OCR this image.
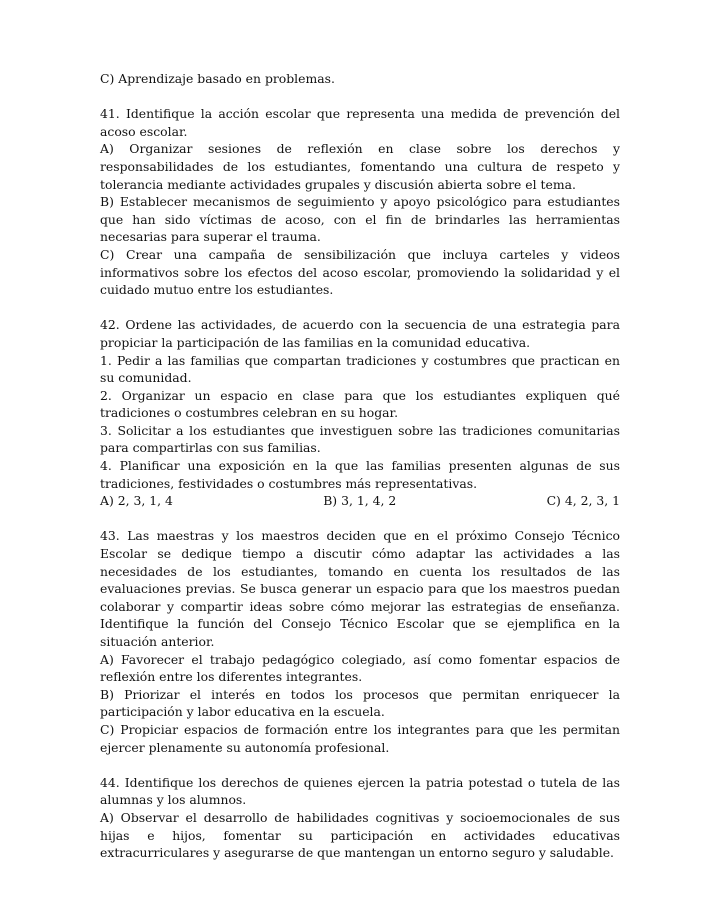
C) Aprendizaje basado en problemas.

41. Identifique la acción escolar que representa una medida de prevención del acoso escolar.

A) Organizar sesiones de reflexión en clase sobre los derechos y responsabilidades de los estudiantes, fomentando una cultura de respeto y tolerancia mediante actividades grupales y discusión abierta sobre el tema.

B) Establecer mecanismos de seguimiento y apoyo psicológico para estudiantes que han sido víctimas de acoso, con el fin de brindarles las herramientas necesarias para superar el trauma.

C) Crear una campaña de sensibilización que incluya carteles y videos informativos sobre los efectos del acoso escolar, promoviendo la solidaridad y el cuidado mutuo entre los estudiantes.

42. Ordene las actividades, de acuerdo con la secuencia de una estrategia para propiciar la participación de las familias en la comunidad educativa.

1. Pedir a las familias que compartan tradiciones y costumbres que practican en su comunidad.

2. Organizar un espacio en clase para que los estudiantes expliquen qué tradiciones o costumbres celebran en su hogar.

3. Solicitar a los estudiantes que investiguen sobre las tradiciones comunitarias para compartirlas con sus familias.

4. Planificar una exposición en la que las familias presenten algunas de sus tradiciones, festividades o costumbres más representativas.

A) 2, 3, 1, 4	B) 3, 1, 4, 2	C) 4, 2, 3, 1

43. Las maestras y los maestros deciden que en el próximo Consejo Técnico Escolar se dedique tiempo a discutir cómo adaptar las actividades a las necesidades de los estudiantes, tomando en cuenta los resultados de las evaluaciones previas. Se busca generar un espacio para que los maestros puedan colaborar y compartir ideas sobre cómo mejorar las estrategias de enseñanza. Identifique la función del Consejo Técnico Escolar que se ejemplifica en la situación anterior.

A) Favorecer el trabajo pedagógico colegiado, así como fomentar espacios de reflexión entre los diferentes integrantes.

B) Priorizar el interés en todos los procesos que permitan enriquecer la participación y labor educativa en la escuela.

C) Propiciar espacios de formación entre los integrantes para que les permitan ejercer plenamente su autonomía profesional.

44. Identifique los derechos de quienes ejercen la patria potestad o tutela de las alumnas y los alumnos.

A) Observar el desarrollo de habilidades cognitivas y socioemocionales de sus hijas e hijos, fomentar su participación en actividades educativas extracurriculares y asegurarse de que mantengan un entorno seguro y saludable.
